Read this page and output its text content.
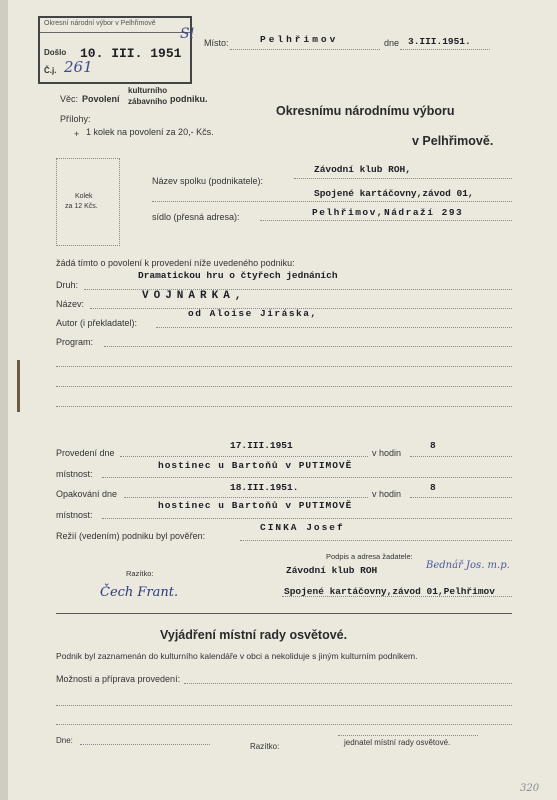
Okresní národní výbor v Pelhřimově
Došlo 10. III. 1951
Č.j. 261
Sl
Místo:	Pelhřimov	dne 3.III.1951.
Věc: Povolení
kulturního
zábavního podniku.
Přílohy:
+ 1 kolek na povolení za 20,- Kčs.
Okresnímu národnímu výboru
v Pelhřimově.
Kolek
za 12 Kčs.
Název spolku (podnikatele):
Závodní klub ROH,
Spojené kartáčovny,závod 01,
sídlo (přesná adresa):	Pelhřimov,Nádraží 293
žádá tímto o povolení k provedení níže uvedeného podniku:
Druh:
Dramatickou hru o čtyřech jednáních
Název:
VOJNARKA,
Autor (i překladatel):
od Aloise Jiráska,
Program:
Provedení dne
17.III.1951
v hodin
8
místnost:
hostinec u Bartoňů v PUTIMOVĚ
Opakování dne
18.III.1951.
v hodin
8
místnost:
hostinec u Bartoňů v PUTIMOVĚ
Režií (vedením) podniku byl pověřen:
CINKA Josef
Podpis a adresa žadatele:
Razítko:	Závodní klub ROH
Spojené kartáčovny,závod 01,Pelhřimov
Čech Frant.
Bednář Jos. m.p.
Vyjádření místní rady osvětové.
Podnik byl zaznamenán do kulturního kalendáře v obci a nekoliduje s jiným kulturním podnikem.
Možnosti a příprava provedení:
Dne:
Razítko:	jednatel místní rady osvětové.
320
